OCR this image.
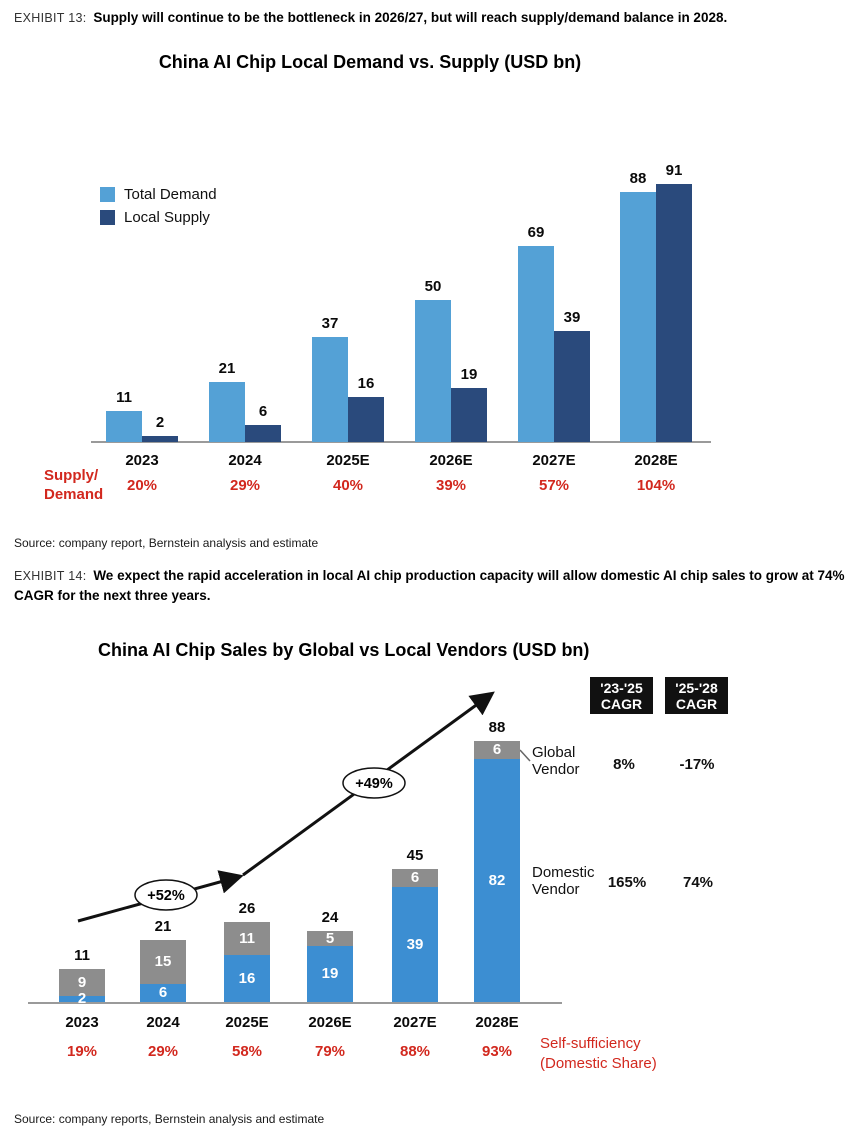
EXHIBIT 13: Supply will continue to be the bottleneck in 2026/27, but will reach supply/demand balance in 2028.
China AI Chip Local Demand vs. Supply (USD bn)
Total Demand
Local Supply
Supply/
Demand
Source: company report, Bernstein analysis and estimate
EXHIBIT 14: We expect the rapid acceleration in local AI chip production capacity will allow domestic AI chip sales to grow at 74% CAGR for the next three years.
China AI Chip Sales by Global vs Local Vendors (USD bn)
'23-'25 CAGR
'25-'28 CAGR
Global Vendor	8%	-17%
Domestic Vendor	165%	74%
Self-sufficiency
(Domestic Share)
Source: company reports, Bernstein analysis and estimate
+52%
+49%
11
2
2023
20%
21
6
2024
29%
37
16
2025E
40%
50
19
2026E
39%
69
39
2027E
57%
88	91
2028E
104%
11
9
2
2023
19%
21
15
6
2024
29%
26
11
16
2025E
58%
24
5
19
2026E
79%
45
6
39
2027E
88%
88
6
82
2028E
93%
